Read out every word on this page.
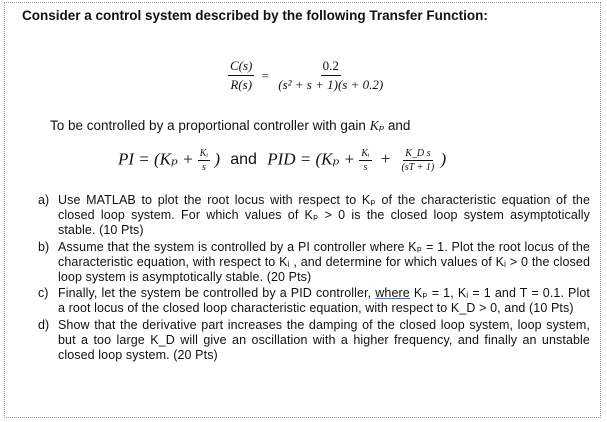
Consider a control system described by the following Transfer Function:
$\frac{C(s)}{R(s)} = \frac{0.2}{\text{(s² + s + 1)(s + 0.2)}}$
To be controlled by a proportional controller with gain Kₚ and
PI = ($K_p + \frac{\text{Kᵢ}}{s}$ ) and PID = ($K_p + \frac{\text{Kᵢ}}{s} + \frac{\text{K\_D s}}{(sT + 1)}$ )
a) Use MATLAB to plot the root locus with respect to Kₚ of the characteristic equation of the closed loop system. For which values of Kₚ > 0 is the closed loop system asymptotically stable. (10 Pts)
b) Assume that the system is controlled by a PI controller where Kₚ = 1. Plot the root locus of the characteristic equation, with respect to Kᵢ , and determine for which values of Kᵢ > 0 the closed loop system is asymptotically stable. (20 Pts)
c) Finally, let the system be controlled by a PID controller, where Kₚ = 1, Kᵢ = 1 and T = 0.1. Plot a root locus of the closed loop characteristic equation, with respect to K_D > 0, and (10 Pts)
d) Show that the derivative part increases the damping of the closed loop system, loop system, but a too large K_D will give an oscillation with a higher frequency, and finally an unstable closed loop system. (20 Pts)
